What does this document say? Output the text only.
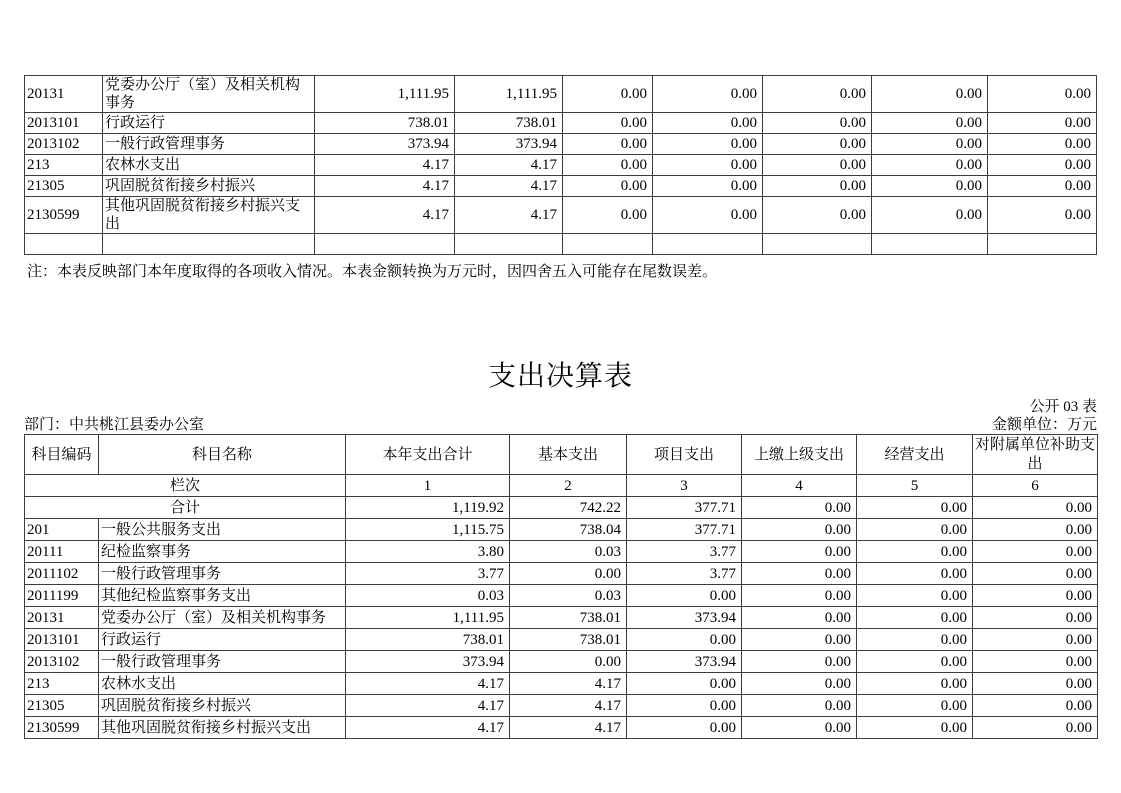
20131	党委办公厅（室）及相关机构事务	1,111.95	1,111.95	0.00	0.00	0.00	0.00	0.00
2013101	行政运行	738.01	738.01	0.00	0.00	0.00	0.00	0.00
2013102	一般行政管理事务	373.94	373.94	0.00	0.00	0.00	0.00	0.00
213	农林水支出	4.17	4.17	0.00	0.00	0.00	0.00	0.00
21305	巩固脱贫衔接乡村振兴	4.17	4.17	0.00	0.00	0.00	0.00	0.00
2130599	其他巩固脱贫衔接乡村振兴支出	4.17	4.17	0.00	0.00	0.00	0.00	0.00

注：本表反映部门本年度取得的各项收入情况。本表金额转换为万元时，因四舍五入可能存在尾数误差。
支出决算表
部门：中共桃江县委办公室
公开 03 表
金额单位：万元
科目编码	科目名称	本年支出合计	基本支出	项目支出	上缴上级支出	经营支出	对附属单位补助支出
栏次		1	2	3	4	5	6
合计		1,119.92	742.22	377.71	0.00	0.00	0.00
201	一般公共服务支出	1,115.75	738.04	377.71	0.00	0.00	0.00
20111	纪检监察事务	3.80	0.03	3.77	0.00	0.00	0.00
2011102	一般行政管理事务	3.77	0.00	3.77	0.00	0.00	0.00
2011199	其他纪检监察事务支出	0.03	0.03	0.00	0.00	0.00	0.00
20131	党委办公厅（室）及相关机构事务	1,111.95	738.01	373.94	0.00	0.00	0.00
2013101	行政运行	738.01	738.01	0.00	0.00	0.00	0.00
2013102	一般行政管理事务	373.94	0.00	373.94	0.00	0.00	0.00
213	农林水支出	4.17	4.17	0.00	0.00	0.00	0.00
21305	巩固脱贫衔接乡村振兴	4.17	4.17	0.00	0.00	0.00	0.00
2130599	其他巩固脱贫衔接乡村振兴支出	4.17	4.17	0.00	0.00	0.00	0.00
